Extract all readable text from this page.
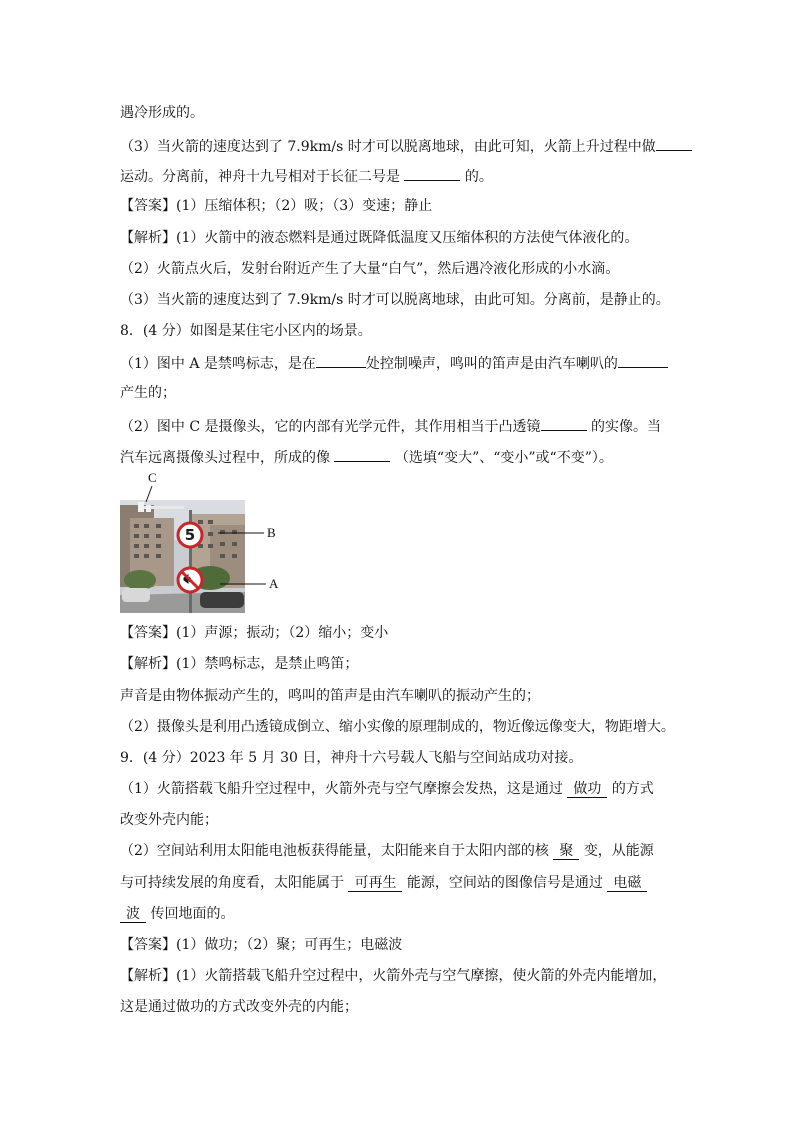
遇冷形成的。
（3）当火箭的速度达到了 7.9km/s 时才可以脱离地球，由此可知，火箭上升过程中做
运动。分离前，神舟十九号相对于长征二号是	的。
【答案】(1）压缩体积；（2）吸；（3）变速；静止
【解析】(1）火箭中的液态燃料是通过既降低温度又压缩体积的方法使气体液化的。
（2）火箭点火后，发射台附近产生了大量“白气”，然后遇冷液化形成的小水滴。
（3）当火箭的速度达到了 7.9km/s 时才可以脱离地球，由此可知。分离前，是静止的。
8．(4 分）如图是某住宅小区内的场景。
（1）图中 A 是禁鸣标志，是在	处控制噪声，鸣叫的笛声是由汽车喇叭的
产生的；
（2）图中 C 是摄像头，它的内部有光学元件，其作用相当于凸透镜	的实像。当
汽车远离摄像头过程中，所成的像	（选填“变大”、“变小”或“不变”）。
C
B
A
5
【答案】(1）声源；振动；（2）缩小；变小
【解析】(1）禁鸣标志，是禁止鸣笛；
声音是由物体振动产生的，鸣叫的笛声是由汽车喇叭的振动产生的；
（2）摄像头是利用凸透镜成倒立、缩小实像的原理制成的，物近像远像变大，物距增大。
9．(4 分）2023 年 5 月 30 日，神舟十六号载人飞船与空间站成功对接。
（1）火箭搭载飞船升空过程中，火箭外壳与空气摩擦会发热，这是通过 做功 的方式
改变外壳内能；
（2）空间站利用太阳能电池板获得能量，太阳能来自于太阳内部的核 聚 变，从能源
与可持续发展的角度看，太阳能属于 可再生 能源，空间站的图像信号是通过 电磁
波 传回地面的。
【答案】(1）做功；（2）聚；可再生；电磁波
【解析】(1）火箭搭载飞船升空过程中，火箭外壳与空气摩擦，使火箭的外壳内能增加，
这是通过做功的方式改变外壳的内能；
